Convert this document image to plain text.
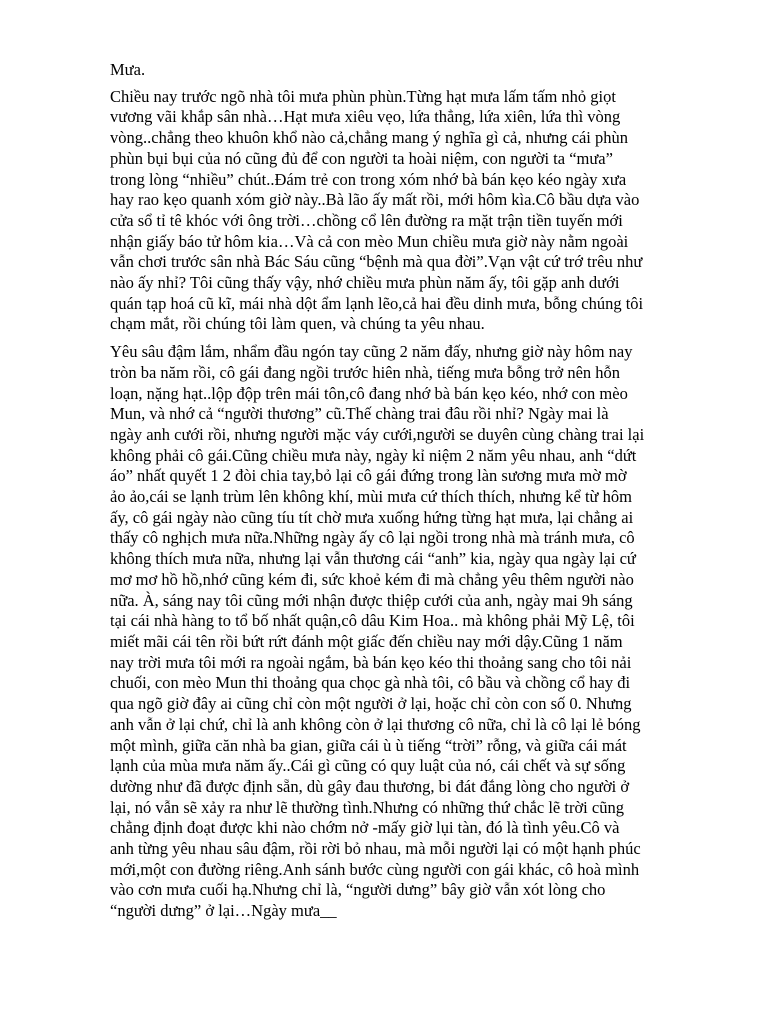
Mưa.

Chiều nay trước ngõ nhà tôi mưa phùn phùn.Từng hạt mưa lấm tấm nhỏ giọt
vương vãi khắp sân nhà…Hạt mưa xiêu vẹo, lứa thẳng, lứa xiên, lứa thì vòng
vòng..chẳng theo khuôn khổ nào cả,chẳng mang ý nghĩa gì cả, nhưng cái phùn
phùn bụi bụi của nó cũng đủ để con người ta hoài niệm, con người ta “mưa”
trong lòng “nhiều” chút..Đám trẻ con trong xóm nhớ bà bán kẹo kéo ngày xưa
hay rao kẹo quanh xóm giờ này..Bà lão ấy mất rồi, mới hôm kìa.Cô bầu dựa vào
cửa sổ tỉ tê khóc với ông trời…chồng cổ lên đường ra mặt trận tiền tuyến mới
nhận giấy báo tử hôm kia…Và cả con mèo Mun chiều mưa giờ này nằm ngoài
vẫn chơi trước sân nhà Bác Sáu cũng “bệnh mà qua đời”.Vạn vật cứ trớ trêu như
nào ấy nhỉ? Tôi cũng thấy vậy, nhớ chiều mưa phùn năm ấy, tôi gặp anh dưới
quán tạp hoá cũ kĩ, mái nhà dột ẩm lạnh lẽo,cả hai đều dinh mưa, bỗng chúng tôi
chạm mắt, rồi chúng tôi làm quen, và chúng ta yêu nhau.

Yêu sâu đậm lắm, nhẩm đầu ngón tay cũng 2 năm đấy, nhưng giờ này hôm nay
tròn ba năm rồi, cô gái đang ngồi trước hiên nhà, tiếng mưa bỗng trở nên hỗn
loạn, nặng hạt..lộp độp trên mái tôn,cô đang nhớ bà bán kẹo kéo, nhớ con mèo
Mun, và nhớ cả “người thương” cũ.Thế chàng trai đâu rồi nhỉ? Ngày mai là
ngày anh cưới rồi, nhưng người mặc váy cưới,người se duyên cùng chàng trai lại
không phải cô gái.Cũng chiều mưa này, ngày kỉ niệm 2 năm yêu nhau, anh “dứt
áo” nhất quyết 1 2 đòi chia tay,bỏ lại cô gái đứng trong làn sương mưa mờ mờ
ảo ảo,cái se lạnh trùm lên không khí, mùi mưa cứ thích thích, nhưng kể từ hôm
ấy, cô gái ngày nào cũng tíu tít chờ mưa xuống hứng từng hạt mưa, lại chẳng ai
thấy cô nghịch mưa nữa.Những ngày ấy cô lại ngồi trong nhà mà tránh mưa, cô
không thích mưa nữa, nhưng lại vẫn thương cái “anh” kia, ngày qua ngày lại cứ
mơ mơ hồ hồ,nhớ cũng kém đi, sức khoẻ kém đi mà chẳng yêu thêm người nào
nữa. À, sáng nay tôi cũng mới nhận được thiệp cưới của anh, ngày mai 9h sáng
tại cái nhà hàng to tổ bố nhất quận,cô dâu Kim Hoa.. mà không phải Mỹ Lệ, tôi
miết mãi cái tên rồi bứt rứt đánh một giấc đến chiều nay mới dậy.Cũng 1 năm
nay trời mưa tôi mới ra ngoài ngắm, bà bán kẹo kéo thi thoảng sang cho tôi nải
chuối, con mèo Mun thi thoảng qua chọc gà nhà tôi, cô bầu và chồng cổ hay đi
qua ngõ giờ đây ai cũng chỉ còn một người ở lại, hoặc chỉ còn con số 0. Nhưng
anh vẫn ở lại chứ, chỉ là anh không còn ở lại thương cô nữa, chỉ là cô lại lẻ bóng
một mình, giữa căn nhà ba gian, giữa cái ù ù tiếng “trời” rỗng, và giữa cái mát
lạnh của mùa mưa năm ấy..Cái gì cũng có quy luật của nó, cái chết và sự sống
dường như đã được định sẵn, dù gây đau thương, bi đát đắng lòng cho người ở
lại, nó vẫn sẽ xảy ra như lẽ thường tình.Nhưng có những thứ chắc lẽ trời cũng
chẳng định đoạt được khi nào chớm nở -mấy giờ lụi tàn, đó là tình yêu.Cô và
anh từng yêu nhau sâu đậm, rồi rời bỏ nhau, mà mỗi người lại có một hạnh phúc
mới,một con đường riêng.Anh sánh bước cùng người con gái khác, cô hoà mình
vào cơn mưa cuối hạ.Nhưng chỉ là, “người dưng” bây giờ vẫn xót lòng cho
“người dưng” ở lại…Ngày mưa__
